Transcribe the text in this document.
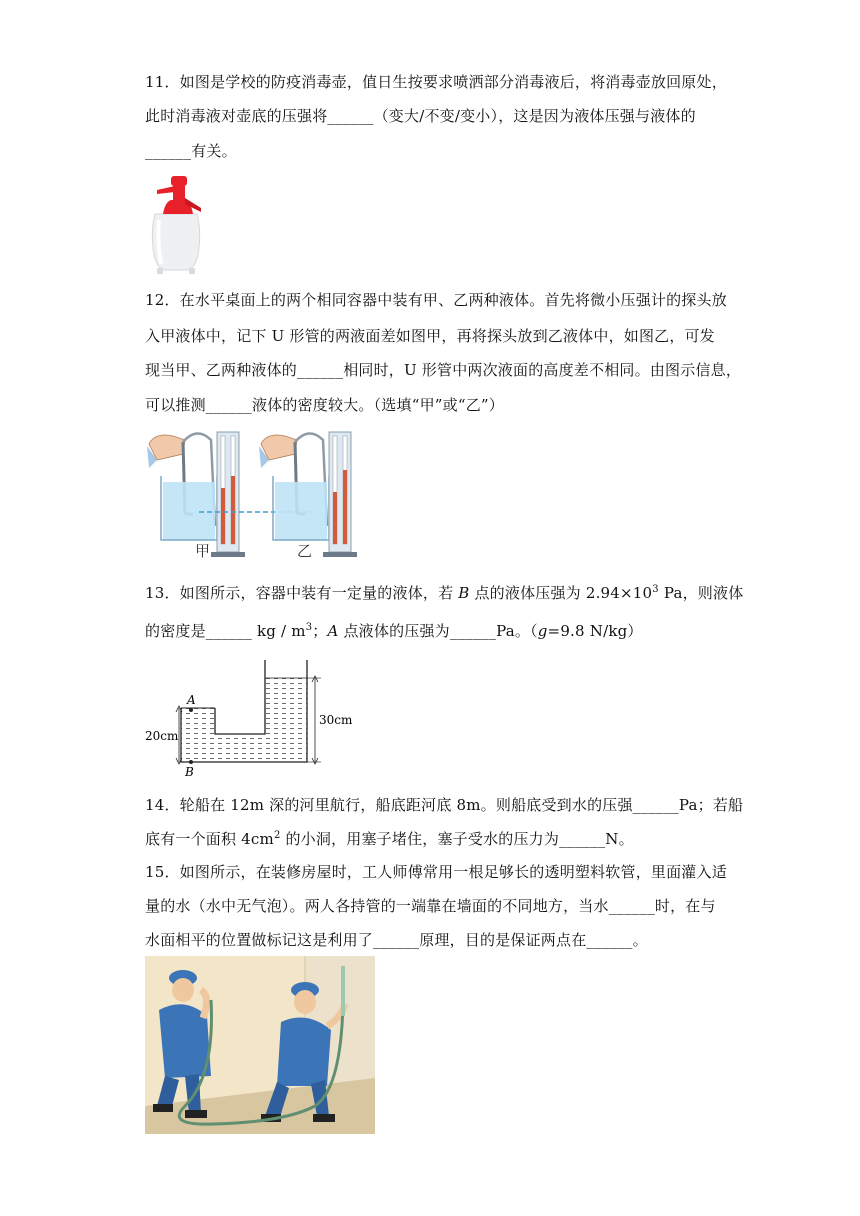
11．如图是学校的防疫消毒壶，值日生按要求喷洒部分消毒液后，将消毒壶放回原处，
此时消毒液对壶底的压强将______（变大/不变/变小），这是因为液体压强与液体的
______有关。
12．在水平桌面上的两个相同容器中装有甲、乙两种液体。首先将微小压强计的探头放
入甲液体中，记下 U 形管的两液面差如图甲，再将探头放到乙液体中，如图乙，可发
现当甲、乙两种液体的______相同时，U 形管中两次液面的高度差不相同。由图示信息，
可以推测______液体的密度较大。（选填“甲”或“乙”）
甲	乙
13．如图所示，容器中装有一定量的液体，若 B 点的液体压强为 $2.94\times 10^3$ Pa，则液体
的密度是______ kg / $m^3$；A 点液体的压强为______Pa。（g=9.8 N/kg）
A
B
20cm
30cm
14．轮船在 12m 深的河里航行，船底距河底 8m。则船底受到水的压强______Pa；若船
底有一个面积 $4cm^2$ 的小洞，用塞子堵住，塞子受水的压力为______N。
15．如图所示，在装修房屋时，工人师傅常用一根足够长的透明塑料软管，里面灌入适
量的水（水中无气泡）。两人各持管的一端靠在墙面的不同地方，当水______时，在与
水面相平的位置做标记这是利用了______原理，目的是保证两点在______。
